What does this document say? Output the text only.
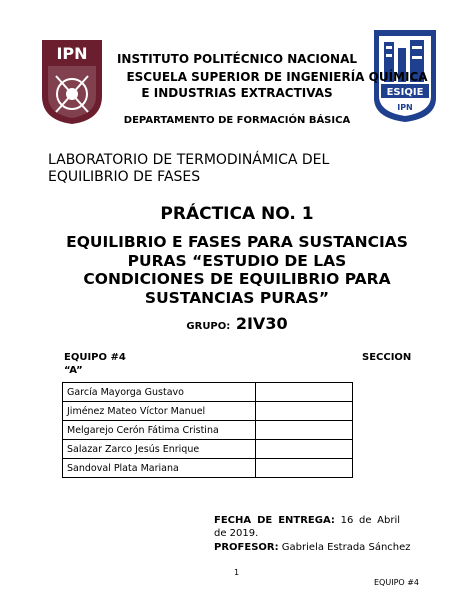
IPN
ESIQIE
IPN
INSTITUTO POLITÉCNICO NACIONAL
ESCUELA SUPERIOR DE INGENIERÍA QUÍMICA
E INDUSTRIAS EXTRACTIVAS
DEPARTAMENTO DE FORMACIÓN BÁSICA
LABORATORIO DE TERMODINÁMICA DEL
EQUILIBRIO DE FASES
PRÁCTICA NO. 1
EQUILIBRIO E FASES PARA SUSTANCIAS
PURAS “ESTUDIO DE LAS
CONDICIONES DE EQUILIBRIO PARA
SUSTANCIAS PURAS”
GRUPO: 2IV30
EQUIPO #4	SECCION
“A”
García Mayorga Gustavo	
Jiménez Mateo Víctor Manuel	
Melgarejo Cerón Fátima Cristina	
Salazar Zarco Jesús Enrique	
Sandoval Plata Mariana	
FECHA DE ENTREGA: 16 de Abril de 2019.
PROFESOR: Gabriela Estrada Sánchez
1
EQUIPO #4
